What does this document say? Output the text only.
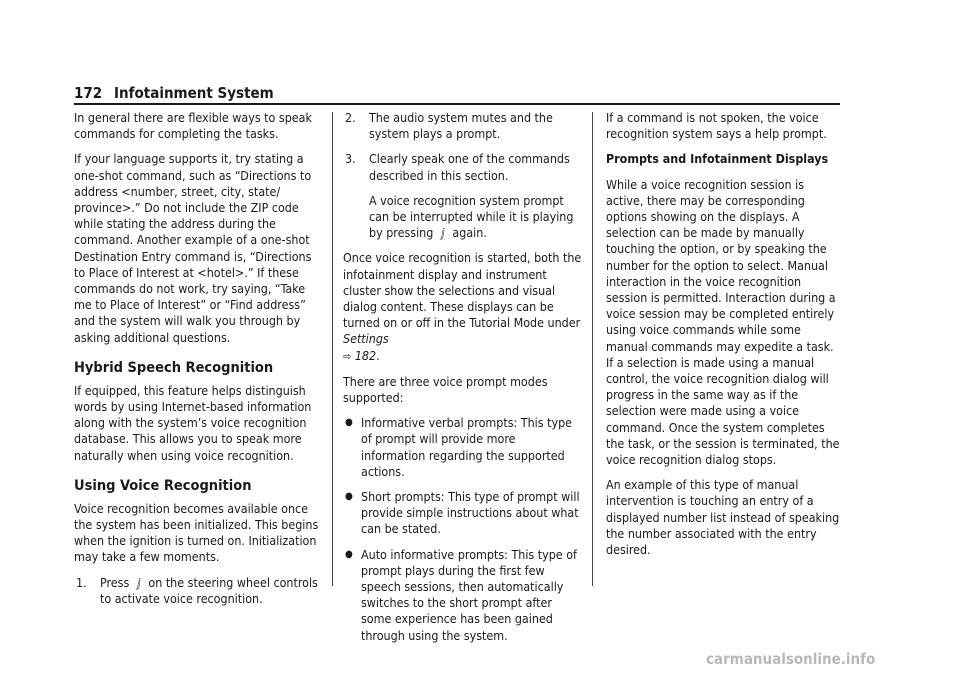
172 Infotainment System

In general there are flexible ways to speak commands for completing the tasks.

If your language supports it, try stating a one-shot command, such as “Directions to address <number, street, city, state/ province>.” Do not include the ZIP code while stating the address during the command. Another example of a one-shot Destination Entry command is, “Directions to Place of Interest at <hotel>.” If these commands do not work, try saying, “Take me to Place of Interest” or “Find address” and the system will walk you through by asking additional questions.

Hybrid Speech Recognition

If equipped, this feature helps distinguish words by using Internet-based information along with the system’s voice recognition database. This allows you to speak more naturally when using voice recognition.

Using Voice Recognition

Voice recognition becomes available once the system has been initialized. This begins when the ignition is turned on. Initialization may take a few moments.

1. Press ⅉ on the steering wheel controls to activate voice recognition.
2. The audio system mutes and the system plays a prompt.
3. Clearly speak one of the commands described in this section.
A voice recognition system prompt can be interrupted while it is playing by pressing ⅉ again.

Once voice recognition is started, both the infotainment display and instrument cluster show the selections and visual dialog content. These displays can be turned on or off in the Tutorial Mode under Settings
⇨ 182.

There are three voice prompt modes supported:

● Informative verbal prompts: This type of prompt will provide more information regarding the supported actions.
● Short prompts: This type of prompt will provide simple instructions about what can be stated.
● Auto informative prompts: This type of prompt plays during the first few speech sessions, then automatically switches to the short prompt after some experience has been gained through using the system.

If a command is not spoken, the voice recognition system says a help prompt.

Prompts and Infotainment Displays

While a voice recognition session is active, there may be corresponding options showing on the displays. A selection can be made by manually touching the option, or by speaking the number for the option to select. Manual interaction in the voice recognition session is permitted. Interaction during a voice session may be completed entirely using voice commands while some manual commands may expedite a task. If a selection is made using a manual control, the voice recognition dialog will progress in the same way as if the selection were made using a voice command. Once the system completes the task, or the session is terminated, the voice recognition dialog stops.

An example of this type of manual intervention is touching an entry of a displayed number list instead of speaking the number associated with the entry desired.

carmanualsonline.info
